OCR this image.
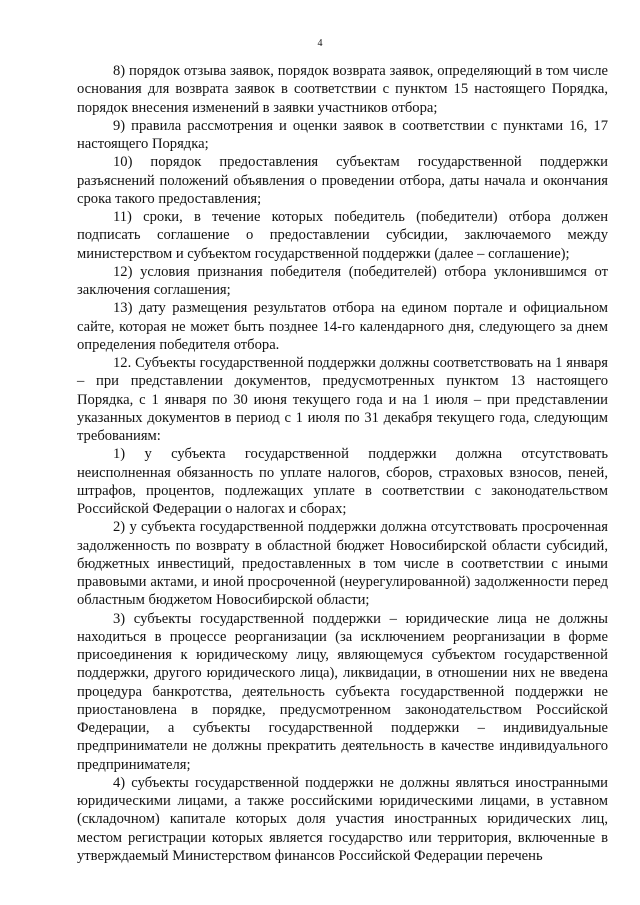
4

8) порядок отзыва заявок, порядок возврата заявок, определяющий в том числе основания для возврата заявок в соответствии с пунктом 15 настоящего Порядка, порядок внесения изменений в заявки участников отбора;

9) правила рассмотрения и оценки заявок в соответствии с пунктами 16, 17 настоящего Порядка;

10) порядок предоставления субъектам государственной поддержки разъяснений положений объявления о проведении отбора, даты начала и окончания срока такого предоставления;

11) сроки, в течение которых победитель (победители) отбора должен подписать соглашение о предоставлении субсидии, заключаемого между министерством и субъектом государственной поддержки (далее – соглашение);

12) условия признания победителя (победителей) отбора уклонившимся от заключения соглашения;

13) дату размещения результатов отбора на едином портале и официальном сайте, которая не может быть позднее 14-го календарного дня, следующего за днем определения победителя отбора.

12. Субъекты государственной поддержки должны соответствовать на 1 января – при представлении документов, предусмотренных пунктом 13 настоящего Порядка, с 1 января по 30 июня текущего года и на 1 июля – при представлении указанных документов в период с 1 июля по 31 декабря текущего года, следующим требованиям:

1) у субъекта государственной поддержки должна отсутствовать неисполненная обязанность по уплате налогов, сборов, страховых взносов, пеней, штрафов, процентов, подлежащих уплате в соответствии с законодательством Российской Федерации о налогах и сборах;

2) у субъекта государственной поддержки должна отсутствовать просроченная задолженность по возврату в областной бюджет Новосибирской области субсидий, бюджетных инвестиций, предоставленных в том числе в соответствии с иными правовыми актами, и иной просроченной (неурегулированной) задолженности перед областным бюджетом Новосибирской области;

3) субъекты государственной поддержки – юридические лица не должны находиться в процессе реорганизации (за исключением реорганизации в форме присоединения к юридическому лицу, являющемуся субъектом государственной поддержки, другого юридического лица), ликвидации, в отношении них не введена процедура банкротства, деятельность субъекта государственной поддержки не приостановлена в порядке, предусмотренном законодательством Российской Федерации, а субъекты государственной поддержки – индивидуальные предприниматели не должны прекратить деятельность в качестве индивидуального предпринимателя;

4) субъекты государственной поддержки не должны являться иностранными юридическими лицами, а также российскими юридическими лицами, в уставном (складочном) капитале которых доля участия иностранных юридических лиц, местом регистрации которых является государство или территория, включенные в утверждаемый Министерством финансов Российской Федерации перечень
